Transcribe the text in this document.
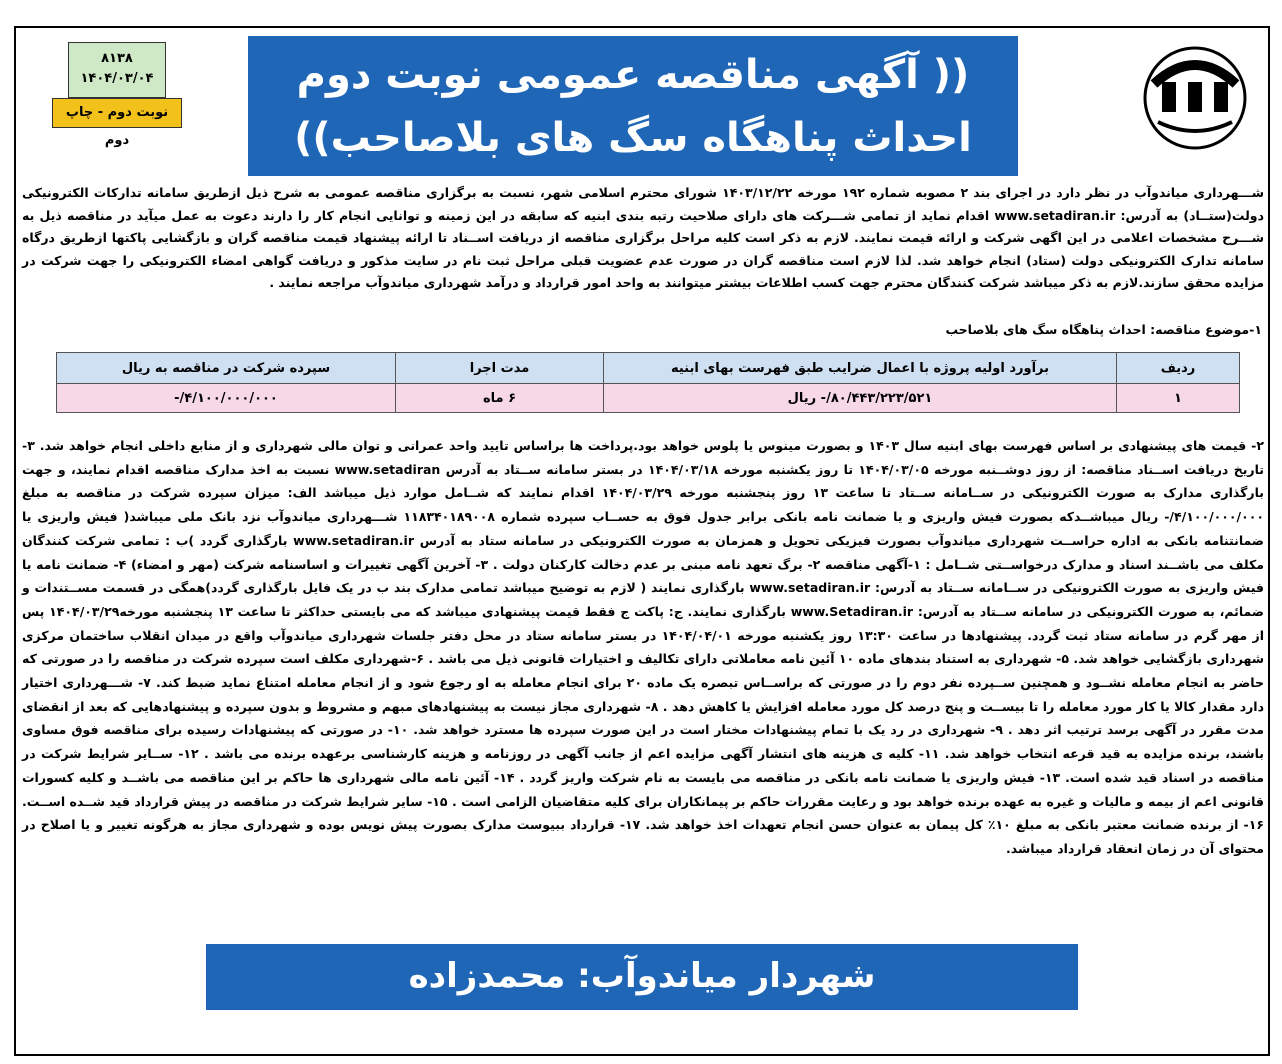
(( آگهی مناقصه عمومی نوبت دوم
احداث پناهگاه سگ های بلاصاحب))
۸۱۳۸
۱۴۰۴/۰۳/۰۴
نوبت دوم - چاپ دوم
شـــهرداری میاندوآب در نظر دارد در اجرای بند ۲ مصوبه شماره ۱۹۲ مورخه ۱۴۰۳/۱۲/۲۲ شورای محترم اسلامی شهر، نسبت به برگزاری مناقصه عمومی به شرح ذیل ازطریق سامانه تدارکات الکترونیکی دولت(ستــاد) به آدرس: www.setadiran.ir اقدام نماید از تمامی شـــرکت های دارای صلاحیت رتبه بندی ابنیه که سابقه در این زمینه و توانایی انجام کار را دارند دعوت به عمل میآید در مناقصه ذیل به شـــرح مشخصات اعلامی در این اگهی شرکت و ارائه قیمت نمایند. لازم به ذکر است کلیه مراحل برگزاری مناقصه از دریافت اســناد تا ارائه پیشنهاد قیمت مناقصه گران و بازگشایی پاکتها ازطریق درگاه سامانه تدارک الکترونیکی دولت (ستاد) انجام خواهد شد. لذا لازم است مناقصه گران در صورت عدم عضویت قبلی مراحل ثبت نام در سایت مذکور و دریافت گواهی امضاء الکترونیکی را جهت شرکت در مزایده محقق سازند.لازم به ذکر میباشد شرکت کنندگان محترم جهت کسب اطلاعات بیشتر میتوانند به واحد امور قرارداد و درآمد شهرداری میاندوآب مراجعه نمایند .
۱-موضوع مناقصه: احداث پناهگاه سگ های بلاصاحب
ردیف	برآورد اولیه پروژه با اعمال ضرایب طبق فهرست بهای ابنیه	مدت اجرا	سپرده شرکت در مناقصه به ریال
۱	۸۰/۴۴۳/۲۲۳/۵۲۱/- ریال	۶ ماه	۴/۱۰۰/۰۰۰/۰۰۰/-
۲- قیمت های پیشنهادی بر اساس فهرست بهای ابنیه سال ۱۴۰۳ و بصورت مینوس یا پلوس خواهد بود.پرداخت ها براساس تایید واحد عمرانی و توان مالی شهرداری و از منابع داخلی انجام خواهد شد. ۳- تاریخ دریافت اســناد مناقصه: از روز دوشــنبه مورخه ۱۴۰۴/۰۳/۰۵ تا روز یکشنبه مورخه ۱۴۰۴/۰۳/۱۸ در بستر سامانه ســتاد به آدرس www.setadiran نسبت به اخذ مدارک مناقصه اقدام نمایند، و جهت بارگذاری مدارک به صورت الکترونیکی در ســامانه ســتاد تا ساعت ۱۳ روز پنجشنبه مورخه ۱۴۰۴/۰۳/۲۹ اقدام نمایند که شــامل موارد ذیل میباشد الف: میزان سپرده شرکت در مناقصه به مبلغ ۴/۱۰۰/۰۰۰/۰۰۰/- ریال میباشــدکه بصورت فیش واریزی و یا ضمانت نامه بانکی برابر جدول فوق به حســاب سپرده شماره ۱۱۸۳۴۰۱۸۹۰۰۸ شـــهرداری میاندوآب نزد بانک ملی میباشد( فیش واریزی یا ضمانتنامه بانکی به اداره حراســت شهرداری میاندوآب بصورت فیزیکی تحویل و همزمان به صورت الکترونیکی در سامانه ستاد به آدرس www.setadiran.ir بارگذاری گردد )ب : تمامی شرکت کنندگان مکلف می باشــند اسناد و مدارک درخواســتی شــامل : ۱-آگهی مناقصه ۲- برگ تعهد نامه مبنی بر عدم دخالت کارکنان دولت . ۳- آخرین آگهی تغییرات و اساسنامه شرکت (مهر و امضاء) ۴- ضمانت نامه یا فیش واریزی به صورت الکترونیکی در ســامانه ســتاد به آدرس: www.setadiran.ir بارگذاری نمایند ( لازم به توضیح میباشد تمامی مدارک بند ب در یک فایل بارگذاری گردد)همگی در قسمت مســتندات و ضمائم، به صورت الکترونیکی در سامانه ســتاد به آدرس: www.Setadiran.ir بارگذاری نمایند. ج: پاکت ج فقط قیمت پیشنهادی میباشد که می بایستی حداکثر تا ساعت ۱۳ پنجشنبه مورخه۱۴۰۴/۰۳/۲۹ پس از مهر گرم در سامانه ستاد ثبت گردد. پیشنهادها در ساعت ۱۳:۳۰ روز یکشنبه مورخه ۱۴۰۴/۰۴/۰۱ در بستر سامانه ستاد در محل دفتر جلسات شهرداری میاندوآب واقع در میدان انقلاب ساختمان مرکزی شهرداری بازگشایی خواهد شد. ۵- شهرداری به استناد بندهای ماده ۱۰ آئین نامه معاملاتی دارای تکالیف و اختیارات قانونی ذیل می باشد . ۶-شهرداری مکلف است سپرده شرکت در مناقصه را در صورتی که حاضر به انجام معامله نشــود و همچنین ســپرده نفر دوم را در صورتی که براســاس تبصره یک ماده ۲۰ برای انجام معامله به او رجوع شود و از انجام معامله امتناع نماید ضبط کند. ۷- شـــهرداری اختیار دارد مقدار کالا یا کار مورد معامله را تا بیســت و پنج درصد کل مورد معامله افزایش یا کاهش دهد . ۸- شهرداری مجاز نیست به پیشنهادهای مبهم و مشروط و بدون سپرده و پیشنهادهایی که بعد از انقضای مدت مقرر در آگهی برسد ترتیب اثر دهد . ۹- شهرداری در رد یک با تمام پیشنهادات مختار است در این صورت سپرده ها مسترد خواهد شد. ۱۰- در صورتی که پیشنهادات رسیده برای مناقصه فوق مساوی باشند، برنده مزایده به قید قرعه انتخاب خواهد شد. ۱۱- کلیه ی هزینه های انتشار آگهی مزایده اعم از جانب آگهی در روزنامه و هزینه کارشناسی برعهده برنده می باشد . ۱۲- ســایر شرایط شرکت در مناقصه در اسناد قید شده است. ۱۳- فیش واریزی یا ضمانت نامه بانکی در مناقصه می بایست به نام شرکت واریز گردد . ۱۴- آئین نامه مالی شهرداری ها حاکم بر این مناقصه می باشــد و کلیه کسورات قانونی اعم از بیمه و مالیات و غیره به عهده برنده خواهد بود و رعایت مقررات حاکم بر پیمانکاران برای کلیه متقاضیان الزامی است . ۱۵- سایر شرایط شرکت در مناقصه در پیش قرارداد قید شــده اســت. ۱۶- از برنده ضمانت معتبر بانکی به مبلغ ۱۰٪ کل پیمان به عنوان حسن انجام تعهدات اخذ خواهد شد. ۱۷- قرارداد ببیوست مدارک بصورت پیش نویس بوده و شهرداری مجاز به هرگونه تغییر و یا اصلاح در محتوای آن در زمان انعقاد قرارداد میباشد.
شهردار میاندوآب: محمدزاده
